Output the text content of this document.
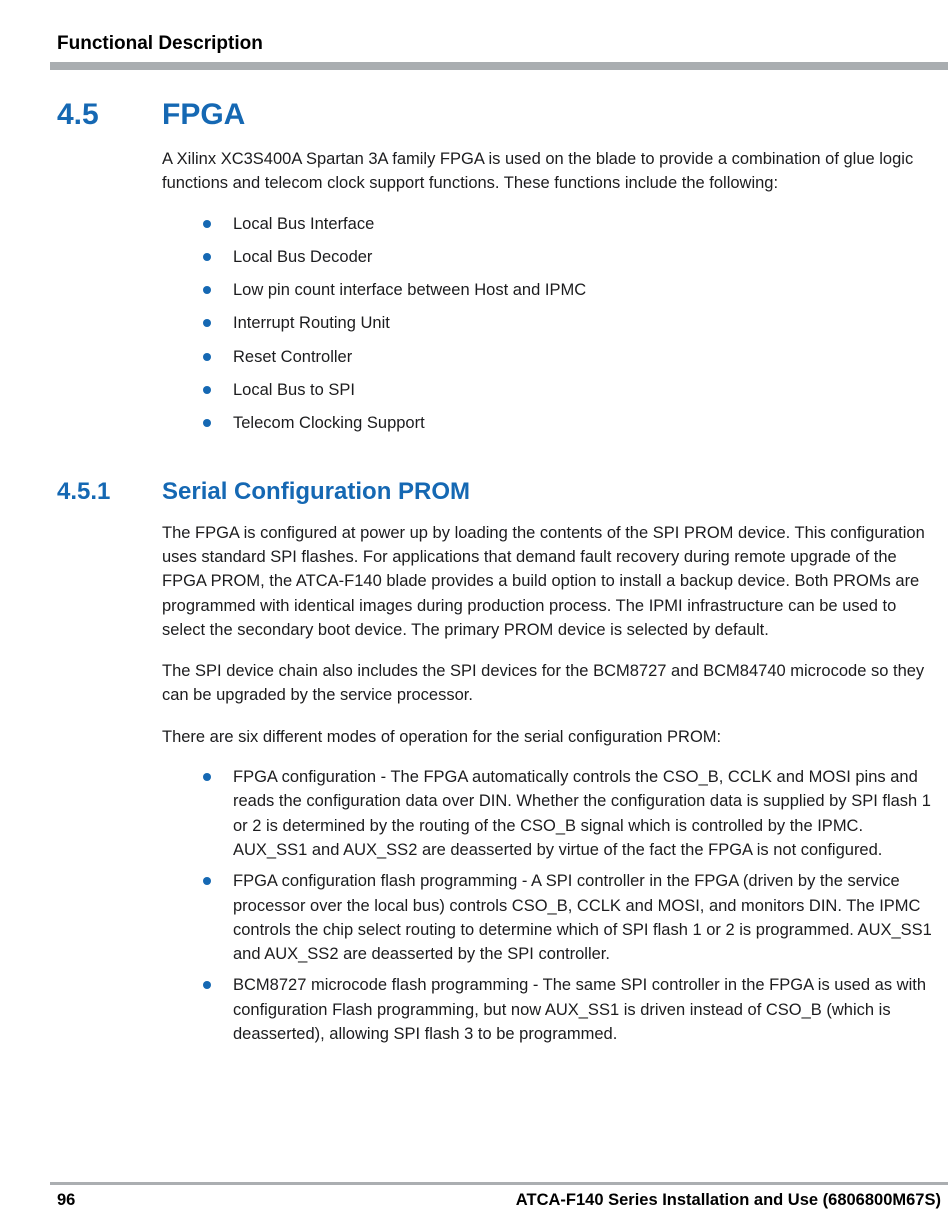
Functional Description
4.5	FPGA

A Xilinx XC3S400A Spartan 3A family FPGA is used on the blade to provide a combination of glue logic functions and telecom clock support functions. These functions include the following:

Local Bus Interface
Local Bus Decoder
Low pin count interface between Host and IPMC
Interrupt Routing Unit
Reset Controller
Local Bus to SPI
Telecom Clocking Support
4.5.1	Serial Configuration PROM

The FPGA is configured at power up by loading the contents of the SPI PROM device. This configuration uses standard SPI flashes. For applications that demand fault recovery during remote upgrade of the FPGA PROM, the ATCA-F140 blade provides a build option to install a backup device. Both PROMs are programmed with identical images during production process. The IPMI infrastructure can be used to select the secondary boot device. The primary PROM device is selected by default.

The SPI device chain also includes the SPI devices for the BCM8727 and BCM84740 microcode so they can be upgraded by the service processor.

There are six different modes of operation for the serial configuration PROM:

FPGA configuration - The FPGA automatically controls the CSO_B, CCLK and MOSI pins and reads the configuration data over DIN. Whether the configuration data is supplied by SPI flash 1 or 2 is determined by the routing of the CSO_B signal which is controlled by the IPMC. AUX_SS1 and AUX_SS2 are deasserted by virtue of the fact the FPGA is not configured.
FPGA configuration flash programming - A SPI controller in the FPGA (driven by the service processor over the local bus) controls CSO_B, CCLK and MOSI, and monitors DIN. The IPMC controls the chip select routing to determine which of SPI flash 1 or 2 is programmed. AUX_SS1 and AUX_SS2 are deasserted by the SPI controller.
BCM8727 microcode flash programming - The same SPI controller in the FPGA is used as with configuration Flash programming, but now AUX_SS1 is driven instead of CSO_B (which is deasserted), allowing SPI flash 3 to be programmed.
96	ATCA-F140 Series Installation and Use (6806800M67S)
